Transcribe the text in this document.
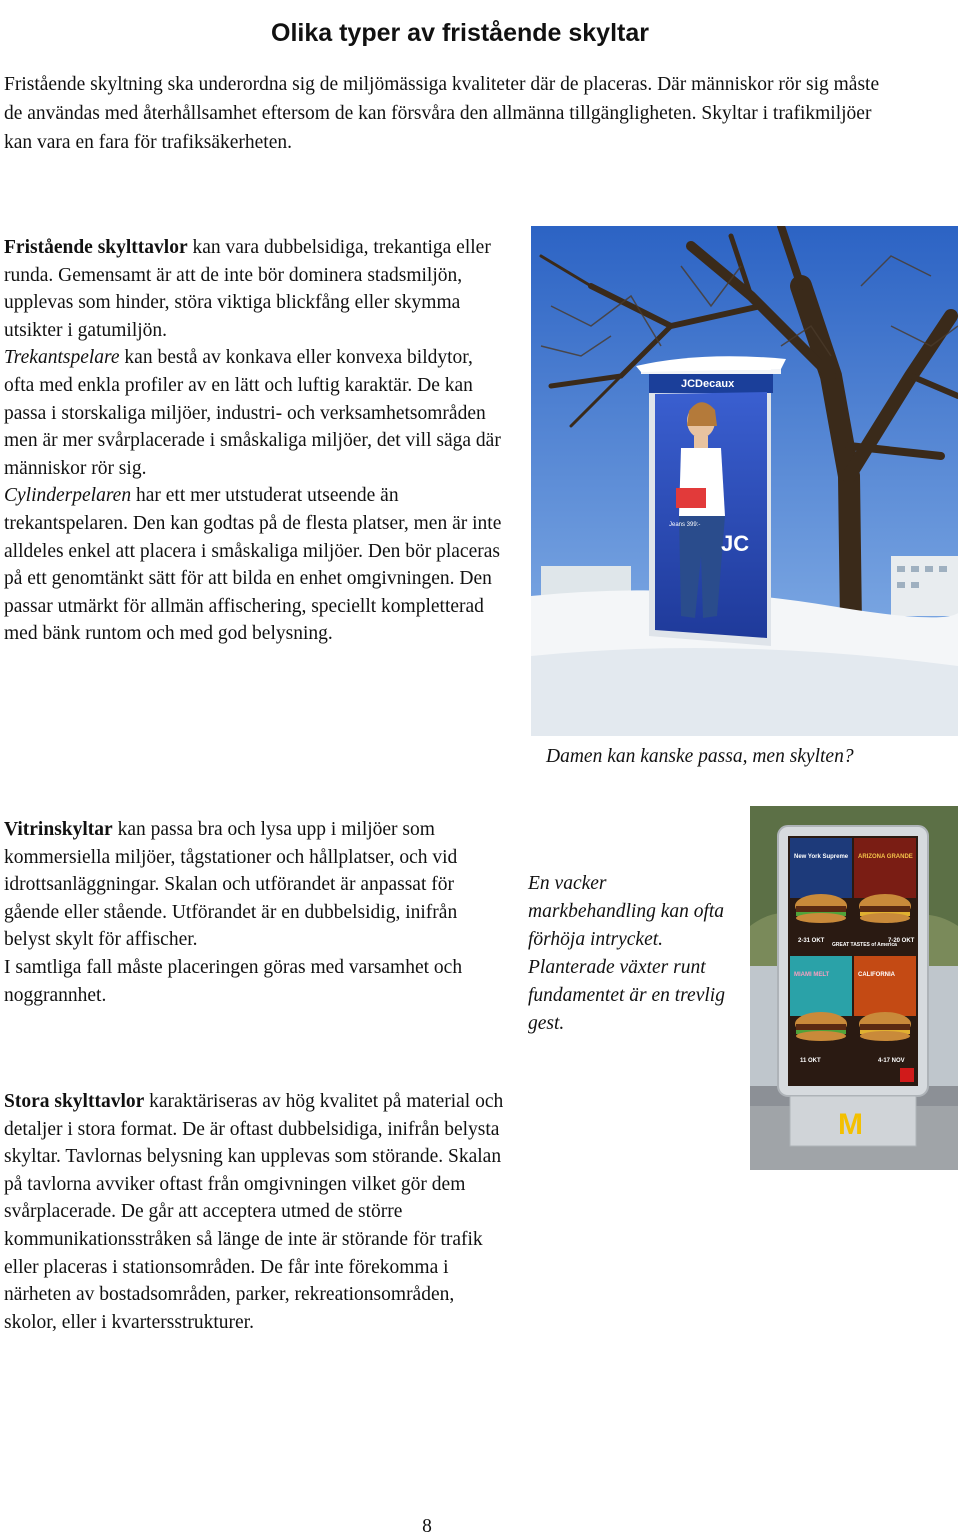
Olika typer av fristående skyltar

Fristående skyltning ska underordna sig de miljömässiga kvaliteter där de placeras. Där människor rör sig måste de användas med återhållsamhet eftersom de kan försvåra den allmänna tillgängligheten. Skyltar i trafikmiljöer kan vara en fara för trafiksäkerheten.

Fristående skylttavlor kan vara dubbelsidiga, trekantiga eller runda. Gemensamt är att de inte bör dominera stadsmiljön, upplevas som hinder, störa viktiga blickfång eller skymma utsikter i gatumiljön.
Trekantspelare kan bestå av konkava eller konvexa bildytor, ofta med enkla profiler av en lätt och luftig karaktär. De kan passa i storskaliga miljöer, industri- och verksamhetsområden men är mer svårplacerade i småskaliga miljöer, det vill säga där människor rör sig.
Cylinderpelaren har ett mer utstuderat utseende än trekantspelaren. Den kan godtas på de flesta platser, men är inte alldeles enkel att placera i småskaliga miljöer. Den bör placeras på ett genomtänkt sätt för att bilda en enhet omgivningen. Den passar utmärkt för allmän affischering, speciellt kompletterad med bänk runtom och med god belysning.

JCDecaux
JC
Jeans 399:-
Damen kan kanske passa, men skylten?

Vitrinskyltar kan passa bra och lysa upp i miljöer som kommersiella miljöer, tågstationer och hållplatser, och vid idrottsanläggningar. Skalan och utförandet är anpassat för gående eller stående. Utförandet är en dubbelsidig, inifrån belyst skylt för affischer.
I samtliga fall måste placeringen göras med varsamhet och noggrannhet.

En vacker markbehandling kan ofta förhöja intrycket. Planterade växter runt fundamentet är en trevlig gest.
New York Supreme ARIZONA GRANDE
MIAMI MELT	CALIFORNIA
2-31 OKT	7-20 OKT
11 OKT	4-17 NOV
GREAT TASTES of America
M

Stora skylttavlor karaktäriseras av hög kvalitet på material och detaljer i stora format. De är oftast dubbelsidiga, inifrån belysta skyltar. Tavlornas belysning kan upplevas som störande. Skalan på tavlorna avviker oftast från omgivningen vilket gör dem svårplacerade. De går att acceptera utmed de större kommunikationsstråken så länge de inte är störande för trafik eller placeras i stationsområden. De får inte förekomma i närheten av bostadsområden, parker, rekreationsområden, skolor, eller i kvartersstrukturer.

8
